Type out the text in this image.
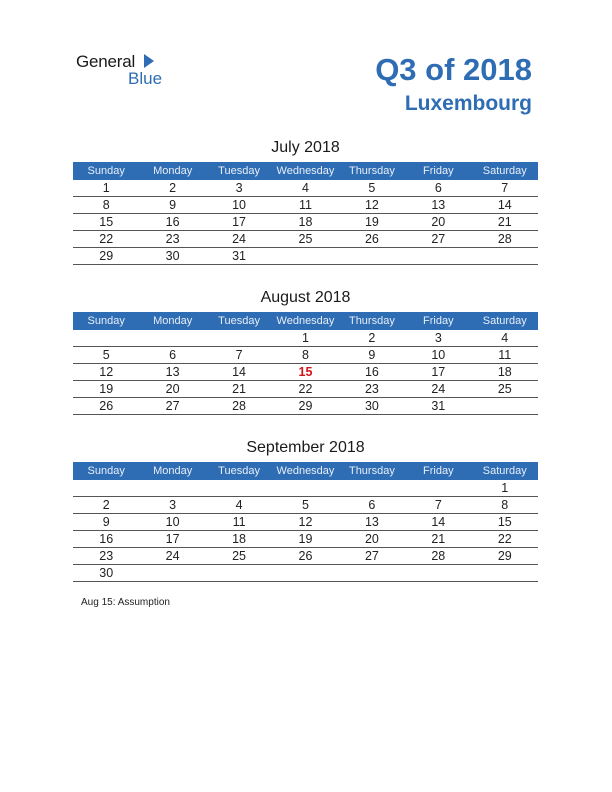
General
Blue	Q3 of 2018
Luxembourg
July 2018
Sunday	Monday	Tuesday	Wednesday	Thursday	Friday	Saturday
1	2	3	4	5	6	7
8	9	10	11	12	13	14
15	16	17	18	19	20	21
22	23	24	25	26	27	28
29	30	31				
August 2018
Sunday	Monday	Tuesday	Wednesday	Thursday	Friday	Saturday
			1	2	3	4
5	6	7	8	9	10	11
12	13	14	15	16	17	18
19	20	21	22	23	24	25
26	27	28	29	30	31	
September 2018
Sunday	Monday	Tuesday	Wednesday	Thursday	Friday	Saturday
						1
2	3	4	5	6	7	8
9	10	11	12	13	14	15
16	17	18	19	20	21	22
23	24	25	26	27	28	29
30						
Aug 15: Assumption
